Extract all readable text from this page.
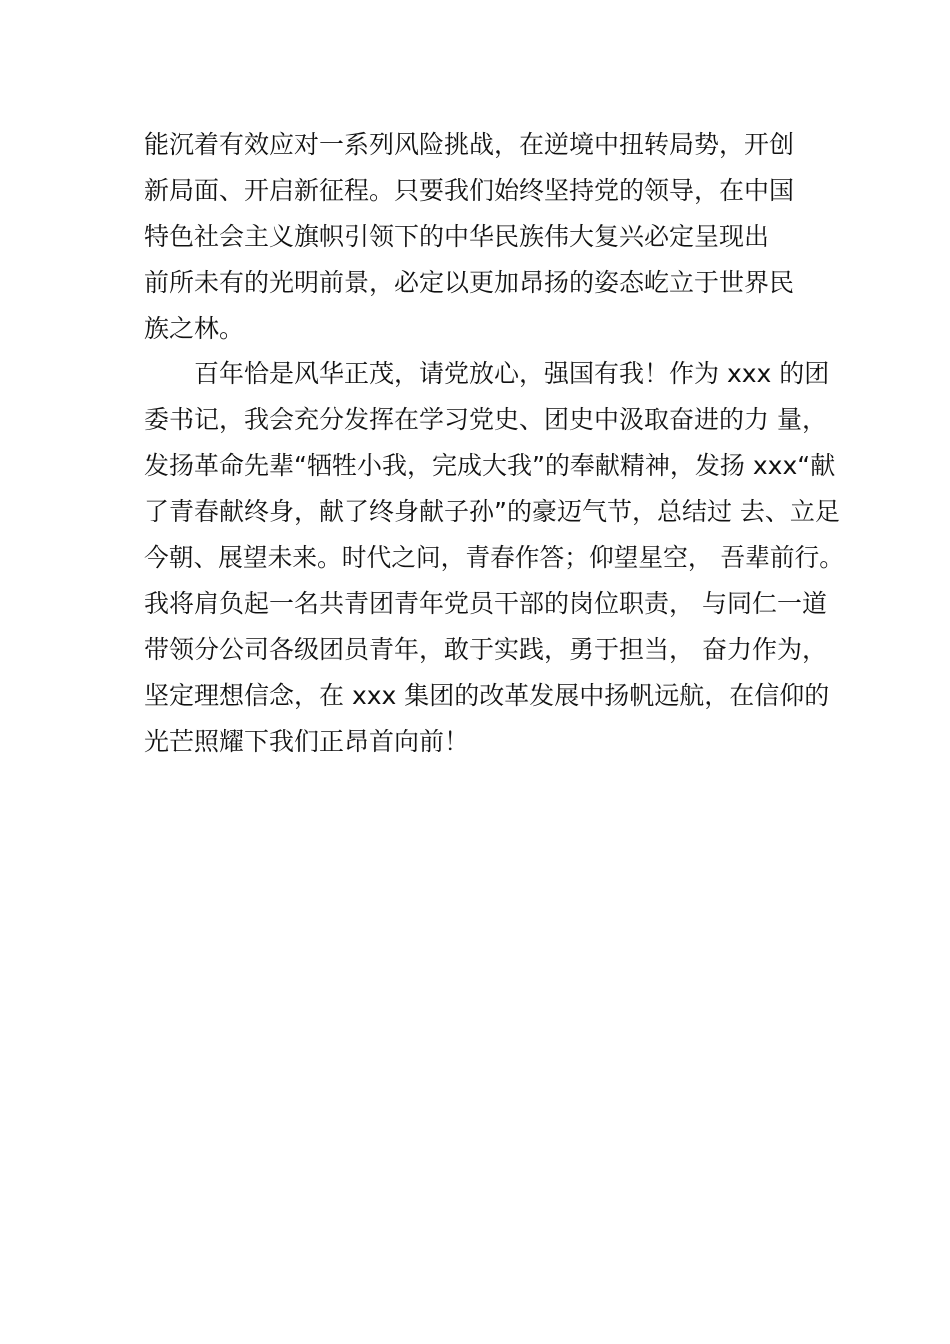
能沉着有效应对一系列风险挑战，在逆境中扭转局势，开创
新局面、开启新征程。只要我们始终坚持党的领导，在中国
特色社会主义旗帜引领下的中华民族伟大复兴必定呈现出
前所未有的光明前景，必定以更加昂扬的姿态屹立于世界民
族之林。
百年恰是风华正茂，请党放心，强国有我！作为 xxx 的团
委书记，我会充分发挥在学习党史、团史中汲取奋进的力 量，
发扬革命先辈“牺牲小我，完成大我”的奉献精神，发扬 xxx“献
了青春献终身，献了终身献子孙”的豪迈气节，总结过 去、立足
今朝、展望未来。时代之问，青春作答；仰望星空， 吾辈前行。
我将肩负起一名共青团青年党员干部的岗位职责， 与同仁一道
带领分公司各级团员青年，敢于实践，勇于担当， 奋力作为，
坚定理想信念，在 xxx 集团的改革发展中扬帆远航，在信仰的
光芒照耀下我们正昂首向前！
